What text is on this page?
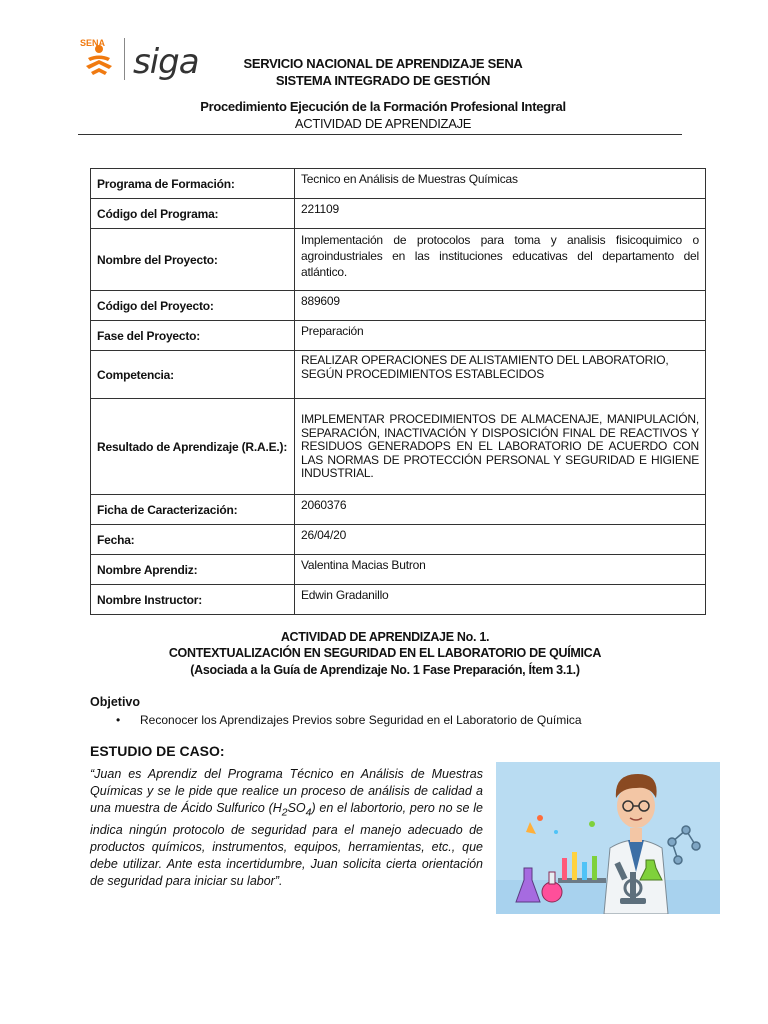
SENA siga	SERVICIO NACIONAL DE APRENDIZAJE SENA
SISTEMA INTEGRADO DE GESTIÓN
Procedimiento Ejecución de la Formación Profesional Integral
ACTIVIDAD DE APRENDIZAJE
Programa de Formación:	Tecnico en Análisis de Muestras Químicas
Código del Programa:	221109
Nombre del Proyecto:	Implementación de protocolos para toma y analisis fisicoquimico o agroindustriales en las instituciones educativas del departamento del atlántico.
Código del Proyecto:	889609
Fase del Proyecto:	Preparación
Competencia:	REALIZAR OPERACIONES DE ALISTAMIENTO DEL LABORATORIO, SEGÚN PROCEDIMIENTOS ESTABLECIDOS
Resultado de Aprendizaje (R.A.E.):	IMPLEMENTAR PROCEDIMIENTOS DE ALMACENAJE, MANIPULACIÓN, SEPARACIÓN, INACTIVACIÓN Y DISPOSICIÓN FINAL DE REACTIVOS Y RESIDUOS GENERADOPS EN EL LABORATORIO DE ACUERDO CON LAS NORMAS DE PROTECCIÓN PERSONAL Y SEGURIDAD E HIGIENE INDUSTRIAL.
Ficha de Caracterización:	2060376
Fecha:	26/04/20
Nombre Aprendiz:	Valentina Macias Butron
Nombre Instructor:	Edwin Gradanillo
ACTIVIDAD DE APRENDIZAJE No. 1.
CONTEXTUALIZACIÓN EN SEGURIDAD EN EL LABORATORIO DE QUÍMICA
(Asociada a la Guía de Aprendizaje No. 1 Fase Preparación, Ítem 3.1.)
Objetivo
• Reconocer los Aprendizajes Previos sobre Seguridad en el Laboratorio de Química
ESTUDIO DE CASO:
“Juan es Aprendiz del Programa Técnico en Análisis de Muestras Químicas y se le pide que realice un proceso de análisis de calidad a una muestra de Ácido Sulfurico $(H_2SO_4)$ en el labortorio, pero no se le indica ningún protocolo de seguridad para el manejo adecuado de productos químicos, instrumentos, equipos, herramientas, etc., que debe utilizar. Ante esta incertidumbre, Juan solicita cierta orientación de seguridad para iniciar su labor”.
